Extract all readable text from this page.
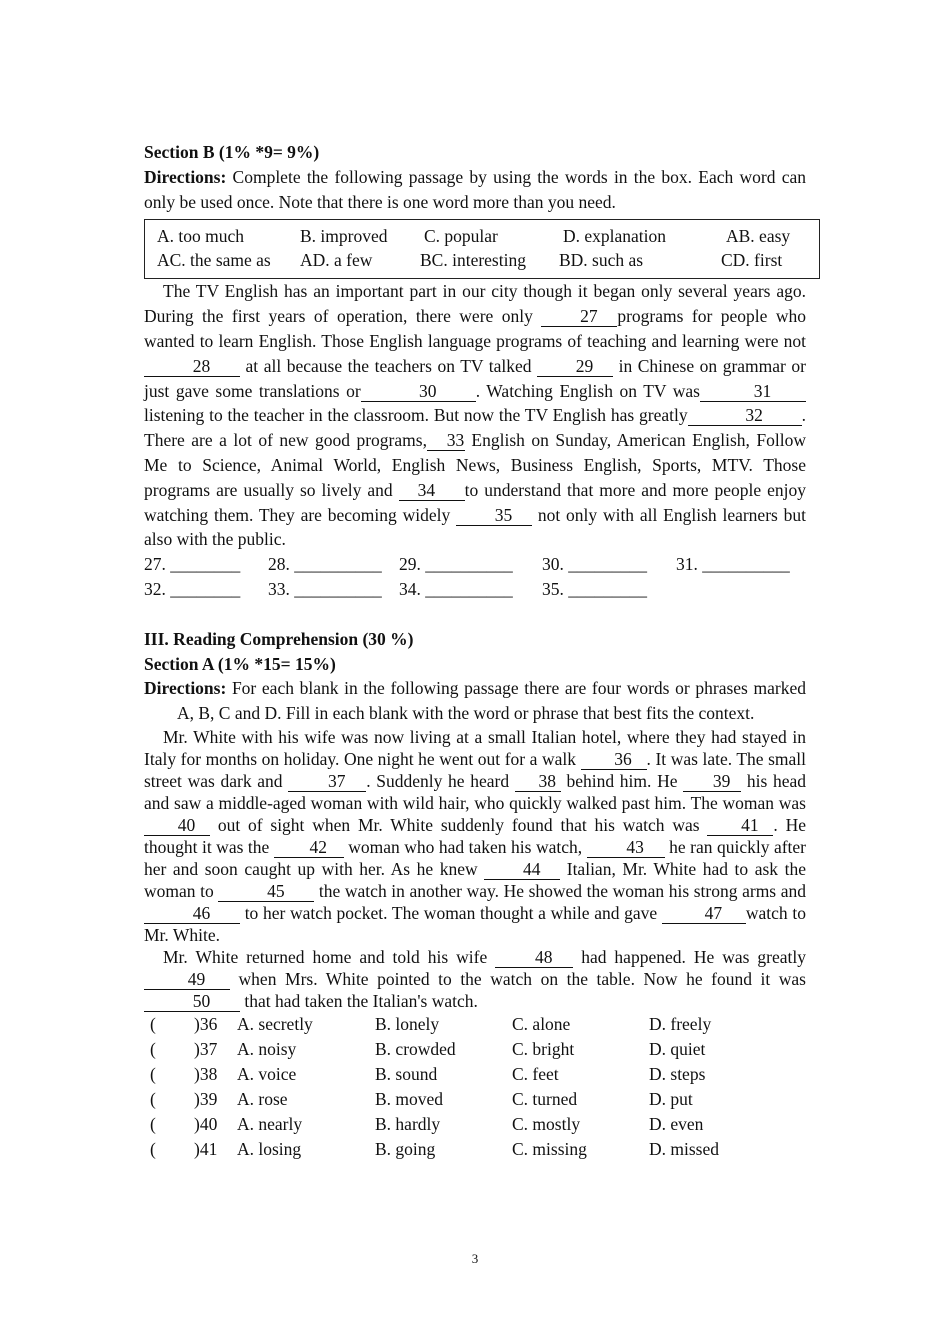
Section B (1% *9= 9%)
Directions: Complete the following passage by using the words in the box. Each word can only be used once. Note that there is one word more than you need.
A. too much	B. improved	C. popular	D. explanation	AB. easy
AC. the same as	AD. a few	BC. interesting	BD. such as	CD. first
The TV English has an important part in our city though it began only several years ago. During the first years of operation, there were only 27 programs for people who wanted to learn English. Those English language programs of teaching and learning were not28 at all because the teachers on TV talked 29 in Chinese on grammar or just gave some translations or	30 . Watching English on TV was	31 listening to the teacher in the classroom. But now the TV English has greatly	32 . There are a lot of new good programs, 33 English on Sunday, American English, Follow Me to Science, Animal World, English News, Business English, Sports, MTV. Those programs are usually so lively and 34 to understand that more and more people enjoy watching them. They are becoming widely 35 not only with all English learners but also with the public.
27. ________	28. __________ 29. __________	30. _________	31. __________
32. ________	33. __________ 34. __________	35. _________
III. Reading Comprehension (30 %)
Section A (1% *15= 15%)
Directions: For each blank in the following passage there are four words or phrases marked A, B, C and D. Fill in each blank with the word or phrase that best fits the context.
Mr. White with his wife was now living at a small Italian hotel, where they had stayed in Italy for months on holiday. One night he went out for a walk 36 . It was late. The small street was dark and 37 . Suddenly he heard 38 behind him. He 39 his head and saw a middle-aged woman with wild hair, who quickly walked past him. The woman was 40 out of sight when Mr. White suddenly found that his watch was 41 . He thought it was the 42 woman who had taken his watch, 43 he ran quickly after her and soon caught up with her. As he knew 44 Italian, Mr. White had to ask the woman to	45 the watch in another way. He showed the woman his strong arms and 46 to her watch pocket. The woman thought a while and gave 47 watch to Mr. White.
Mr. White returned home and told his wife 48 had happened. He was greatly 49 when Mrs. White pointed to the watch on the table. Now he found it was 50 that had taken the Italian's watch.
(	)36	A. secretly	B. lonely	C. alone	D. freely
(	)37	A. noisy	B. crowded	C. bright	D. quiet
(	)38	A. voice	B. sound	C. feet	D. steps
(	)39	A. rose	B. moved	C. turned	D. put
(	)40	A. nearly	B. hardly	C. mostly	D. even
(	)41	A. losing	B. going	C. missing	D. missed
3
